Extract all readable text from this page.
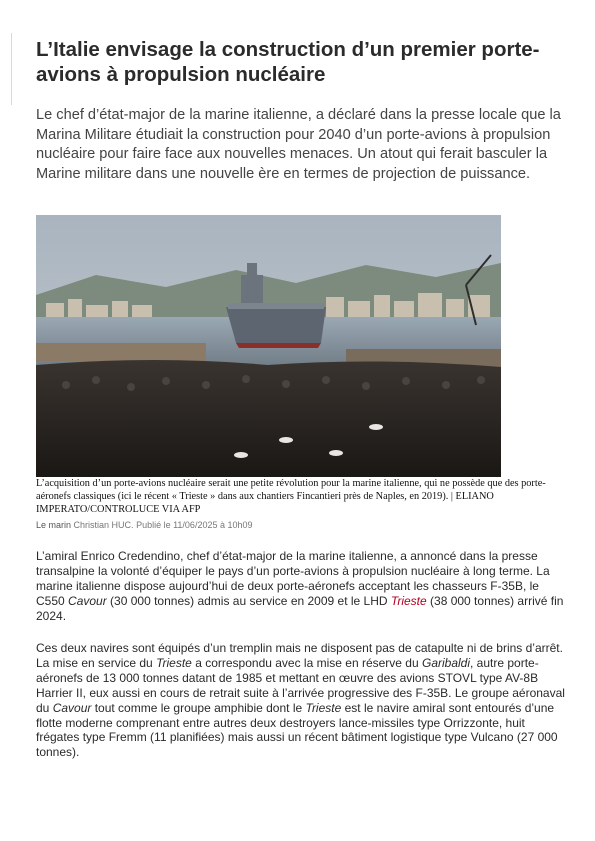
L’Italie envisage la construction d’un premier porte-avions à propulsion nucléaire

Le chef d’état-major de la marine italienne, a déclaré dans la presse locale que la Marina Militare étudiait la construction pour 2040 d’un porte-avions à propulsion nucléaire pour faire face aux nouvelles menaces. Un atout qui ferait basculer la Marine militare dans une nouvelle ère en termes de projection de puissance.

L’acquisition d’un porte-avions nucléaire serait une petite révolution pour la marine italienne, qui ne possède que des porte-aéronefs classiques (ici le récent « Trieste » dans aux chantiers Fincantieri près de Naples, en 2019). | ELIANO IMPERATO/CONTROLUCE VIA AFP

Le marin Christian HUC. Publié le 11/06/2025 à 10h09

L’amiral Enrico Credendino, chef d’état-major de la marine italienne, a annoncé dans la presse transalpine la volonté d’équiper le pays d’un porte-avions à propulsion nucléaire à long terme. La marine italienne dispose aujourd’hui de deux porte-aéronefs acceptant les chasseurs F-35B, le C550 Cavour (30 000 tonnes) admis au service en 2009 et le LHD Trieste (38 000 tonnes) arrivé fin 2024.

Ces deux navires sont équipés d’un tremplin mais ne disposent pas de catapulte ni de brins d’arrêt. La mise en service du Trieste a correspondu avec la mise en réserve du Garibaldi, autre porte-aéronefs de 13 000 tonnes datant de 1985 et mettant en œuvre des avions STOVL type AV-8B Harrier II, eux aussi en cours de retrait suite à l’arrivée progressive des F-35B. Le groupe aéronaval du Cavour tout comme le groupe amphibie dont le Trieste est le navire amiral sont entourés d’une flotte moderne comprenant entre autres deux destroyers lance-missiles type Orrizzonte, huit frégates type Fremm (11 planifiées) mais aussi un récent bâtiment logistique type Vulcano (27 000 tonnes).
